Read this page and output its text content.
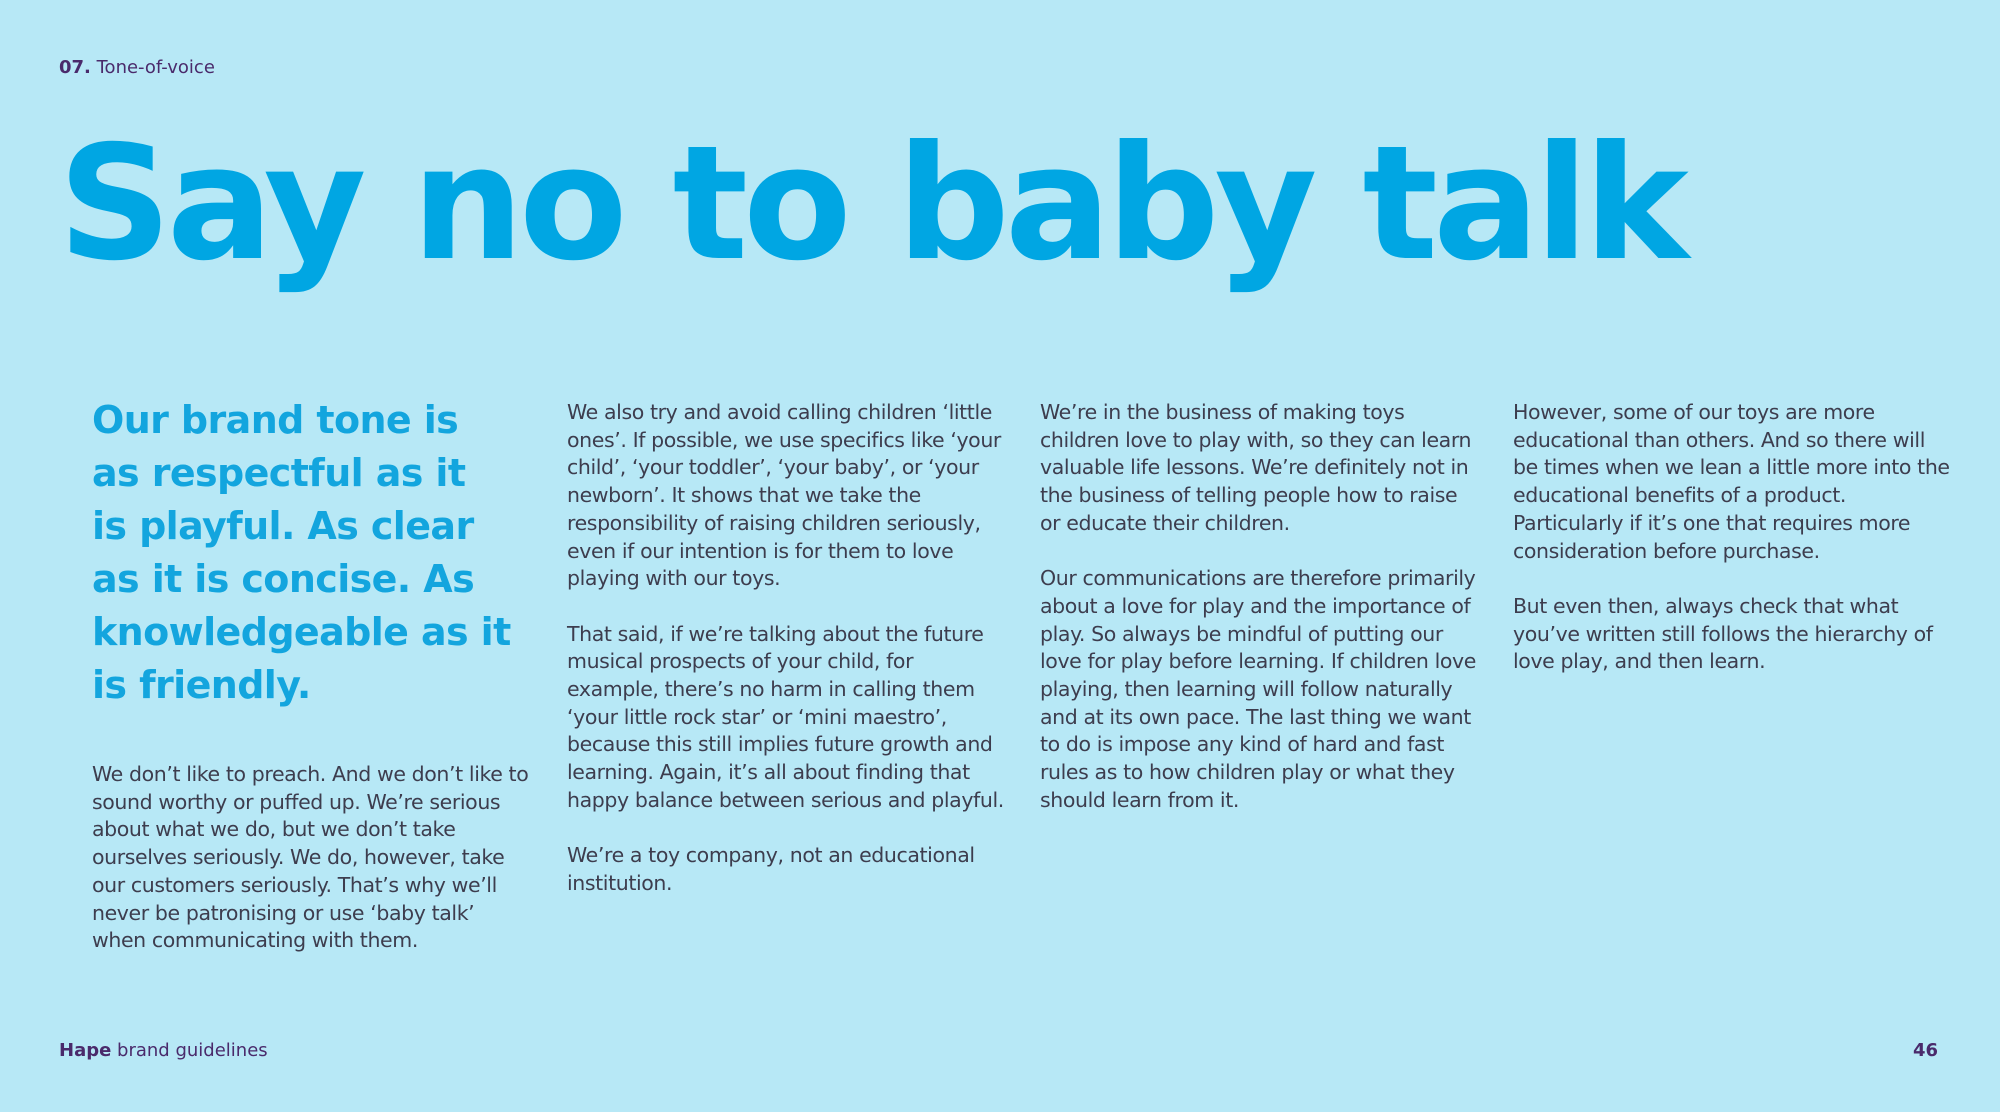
07. Tone-of-voice
Say no to baby talk
Our brand tone is as respectful as it is playful. As clear as it is concise. As knowledgeable as it is friendly.

We don’t like to preach. And we don’t like to sound worthy or puffed up. We’re serious about what we do, but we don’t take ourselves seriously. We do, however, take our customers seriously. That’s why we’ll never be patronising or use ‘baby talk’ when communicating with them.

We also try and avoid calling children ‘little ones’. If possible, we use specifics like ‘your child’, ‘your toddler’, ‘your baby’, or ‘your newborn’. It shows that we take the responsibility of raising children seriously, even if our intention is for them to love playing with our toys.

That said, if we’re talking about the future musical prospects of your child, for example, there’s no harm in calling them ‘your little rock star’ or ‘mini maestro’, because this still implies future growth and learning. Again, it’s all about finding that happy balance between serious and playful.

We’re a toy company, not an educational institution.

We’re in the business of making toys children love to play with, so they can learn valuable life lessons. We’re definitely not in the business of telling people how to raise or educate their children.

Our communications are therefore primarily about a love for play and the importance of play. So always be mindful of putting our love for play before learning. If children love playing, then learning will follow naturally and at its own pace. The last thing we want to do is impose any kind of hard and fast rules as to how children play or what they should learn from it.

However, some of our toys are more educational than others. And so there will be times when we lean a little more into the educational benefits of a product. Particularly if it’s one that requires more consideration before purchase.

But even then, always check that what you’ve written still follows the hierarchy of love play, and then learn.

Hape brand guidelines	46
